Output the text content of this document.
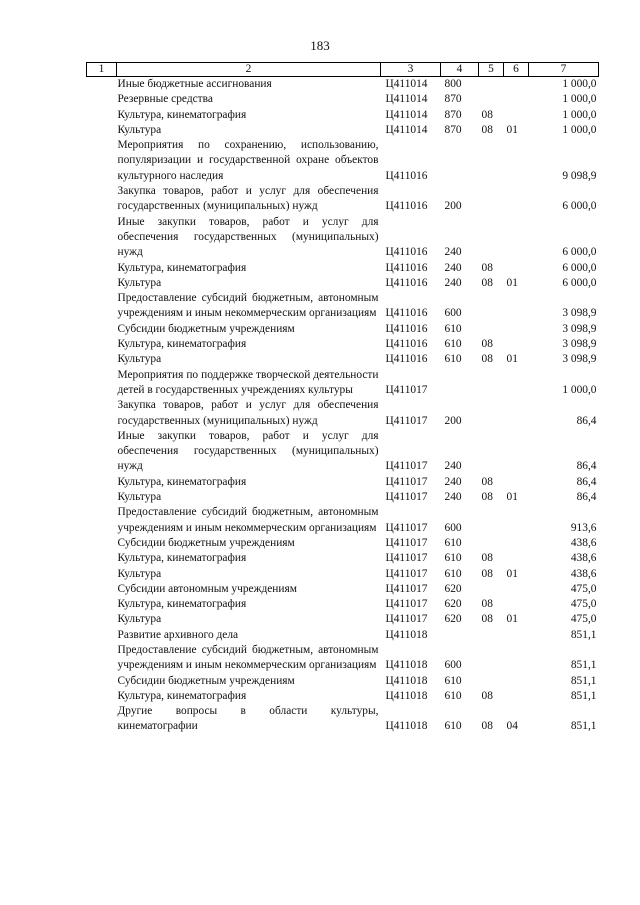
183
1	2	3	4	5	6	7
	Иные бюджетные ассигнования	Ц411014	800			1 000,0
	Резервные средства	Ц411014	870			1 000,0
	Культура, кинематография	Ц411014	870	08		1 000,0
	Культура	Ц411014	870	08	01	1 000,0
	Мероприятия по сохранению, использованию, популяризации и государственной охране объектов культурного наследия	Ц411016				9 098,9
	Закупка товаров, работ и услуг для обеспечения государственных (муниципальных) нужд	Ц411016	200			6 000,0
	Иные закупки товаров, работ и услуг для обеспечения государственных (муниципальных) нужд	Ц411016	240			6 000,0
	Культура, кинематография	Ц411016	240	08		6 000,0
	Культура	Ц411016	240	08	01	6 000,0
	Предоставление субсидий бюджетным, автономным учреждениям и иным некоммерческим организациям	Ц411016	600			3 098,9
	Субсидии бюджетным учреждениям	Ц411016	610			3 098,9
	Культура, кинематография	Ц411016	610	08		3 098,9
	Культура	Ц411016	610	08	01	3 098,9
	Мероприятия по поддержке творческой деятельности детей в государственных учреждениях культуры	Ц411017				1 000,0
	Закупка товаров, работ и услуг для обеспечения государственных (муниципальных) нужд	Ц411017	200			86,4
	Иные закупки товаров, работ и услуг для обеспечения государственных (муниципальных) нужд	Ц411017	240			86,4
	Культура, кинематография	Ц411017	240	08		86,4
	Культура	Ц411017	240	08	01	86,4
	Предоставление субсидий бюджетным, автономным учреждениям и иным некоммерческим организациям	Ц411017	600			913,6
	Субсидии бюджетным учреждениям	Ц411017	610			438,6
	Культура, кинематография	Ц411017	610	08		438,6
	Культура	Ц411017	610	08	01	438,6
	Субсидии автономным учреждениям	Ц411017	620			475,0
	Культура, кинематография	Ц411017	620	08		475,0
	Культура	Ц411017	620	08	01	475,0
	Развитие архивного дела	Ц411018				851,1
	Предоставление субсидий бюджетным, автономным учреждениям и иным некоммерческим организациям	Ц411018	600			851,1
	Субсидии бюджетным учреждениям	Ц411018	610			851,1
	Культура, кинематография	Ц411018	610	08		851,1
	Другие вопросы в области культуры, кинематографии	Ц411018	610	08	04	851,1
